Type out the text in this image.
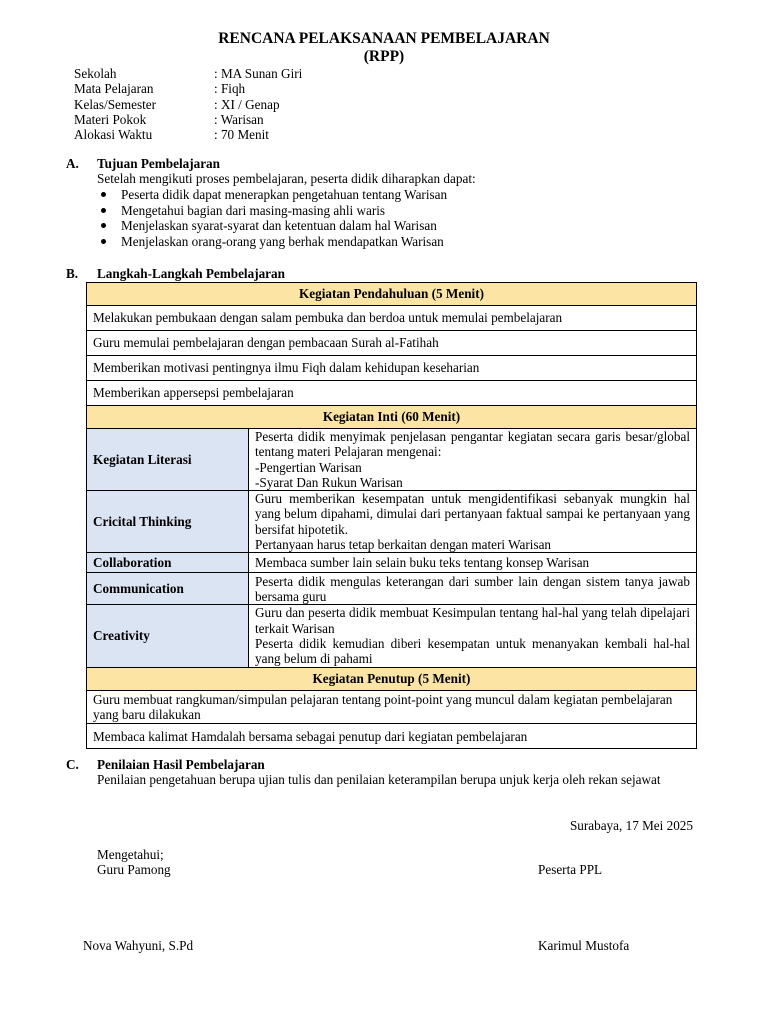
RENCANA PELAKSANAAN PEMBELAJARAN
(RPP)
Sekolah	: MA Sunan Giri
Mata Pelajaran	: Fiqh
Kelas/Semester	: XI / Genap
Materi Pokok	: Warisan
Alokasi Waktu	: 70 Menit
A. Tujuan Pembelajaran
Setelah mengikuti proses pembelajaran, peserta didik diharapkan dapat:
Peserta didik dapat menerapkan pengetahuan tentang Warisan
Mengetahui bagian dari masing-masing ahli waris
Menjelaskan syarat-syarat dan ketentuan dalam hal Warisan
Menjelaskan orang-orang yang berhak mendapatkan Warisan
B. Langkah-Langkah Pembelajaran
Kegiatan Pendahuluan (5 Menit)	
Melakukan pembukaan dengan salam pembuka dan berdoa untuk memulai pembelajaran	
Guru memulai pembelajaran dengan pembacaan Surah al-Fatihah	
Memberikan motivasi pentingnya ilmu Fiqh dalam kehidupan keseharian	
Memberikan appersepsi pembelajaran	
Kegiatan Inti (60 Menit)	
Kegiatan Literasi	Peserta didik menyimak penjelasan pengantar kegiatan secara garis besar/global tentang materi Pelajaran mengenai:
-Pengertian Warisan
-Syarat Dan Rukun Warisan

Cricital Thinking	Guru memberikan kesempatan untuk mengidentifikasi sebanyak mungkin hal yang belum dipahami, dimulai dari pertanyaan faktual sampai ke pertanyaan yang bersifat hipotetik.
Pertanyaan harus tetap berkaitan dengan materi Warisan

Collaboration	Membaca sumber lain selain buku teks tentang konsep Warisan

Communication	Peserta didik mengulas keterangan dari sumber lain dengan sistem tanya jawab bersama guru

Creativity	Guru dan peserta didik membuat Kesimpulan tentang hal-hal yang telah dipelajari terkait Warisan
Peserta didik kemudian diberi kesempatan untuk menanyakan kembali hal-hal yang belum di pahami

Kegiatan Penutup (5 Menit)	
Guru membuat rangkuman/simpulan pelajaran tentang point-point yang muncul dalam kegiatan pembelajaran yang baru dilakukan	
Membaca kalimat Hamdalah bersama sebagai penutup dari kegiatan pembelajaran	
C. Penilaian Hasil Pembelajaran
Penilaian pengetahuan berupa ujian tulis dan penilaian keterampilan berupa unjuk kerja oleh rekan sejawat
Surabaya, 17 Mei 2025
Mengetahui;
Guru Pamong	Peserta PPL
Nova Wahyuni, S.Pd	Karimul Mustofa
